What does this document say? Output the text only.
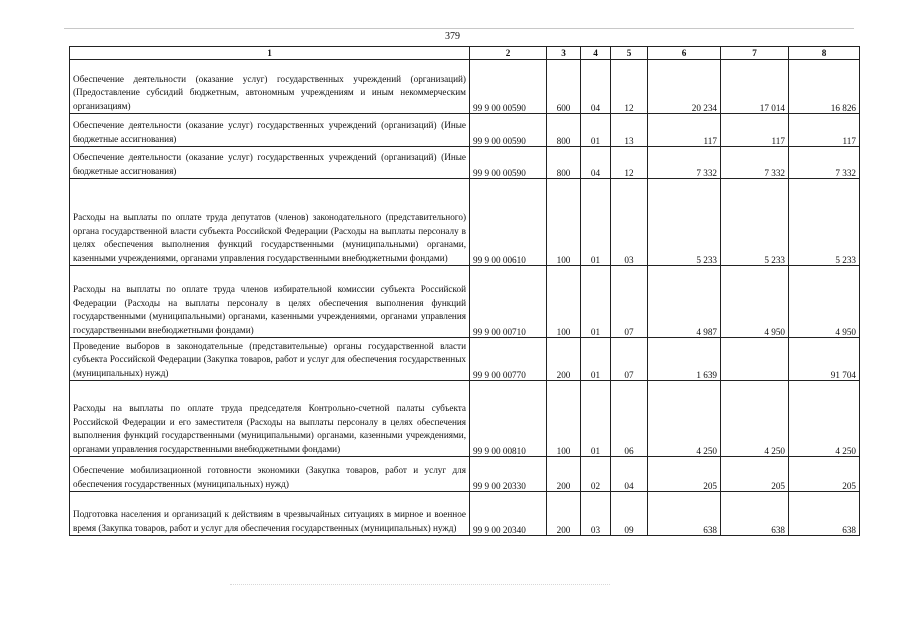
379
1	2	3	4	5	6	7	8
Обеспечение деятельности (оказание услуг) государственных учреждений (организаций) (Предоставление субсидий бюджетным, автономным учреждениям и иным некоммерческим организациям)	99 9 00 00590	600	04	12	20 234	17 014	16 826
Обеспечение деятельности (оказание услуг) государственных учреждений (организаций) (Иные бюджетные ассигнования)	99 9 00 00590	800	01	13	117	117	117
Обеспечение деятельности (оказание услуг) государственных учреждений (организаций) (Иные бюджетные ассигнования)	99 9 00 00590	800	04	12	7 332	7 332	7 332
Расходы на выплаты по оплате труда депутатов (членов) законодательного (представительного) органа государственной власти субъекта Российской Федерации (Расходы на выплаты персоналу в целях обеспечения выполнения функций государственными (муниципальными) органами, казенными учреждениями, органами управления государственными внебюджетными фондами)	99 9 00 00610	100	01	03	5 233	5 233	5 233
Расходы на выплаты по оплате труда членов избирательной комиссии субъекта Российской Федерации (Расходы на выплаты персоналу в целях обеспечения выполнения функций государственными (муниципальными) органами, казенными учреждениями, органами управления государственными внебюджетными фондами)	99 9 00 00710	100	01	07	4 987	4 950	4 950
Проведение выборов в законодательные (представительные) органы государственной власти субъекта Российской Федерации (Закупка товаров, работ и услуг для обеспечения государственных (муниципальных) нужд)	99 9 00 00770	200	01	07	1 639		91 704
Расходы на выплаты по оплате труда председателя Контрольно-счетной палаты субъекта Российской Федерации и его заместителя (Расходы на выплаты персоналу в целях обеспечения выполнения функций государственными (муниципальными) органами, казенными учреждениями, органами управления государственными внебюджетными фондами)	99 9 00 00810	100	01	06	4 250	4 250	4 250
Обеспечение мобилизационной готовности экономики (Закупка товаров, работ и услуг для обеспечения государственных (муниципальных) нужд)	99 9 00 20330	200	02	04	205	205	205
Подготовка населения и организаций к действиям в чрезвычайных ситуациях в мирное и военное время (Закупка товаров, работ и услуг для обеспечения государственных (муниципальных) нужд)	99 9 00 20340	200	03	09	638	638	638
